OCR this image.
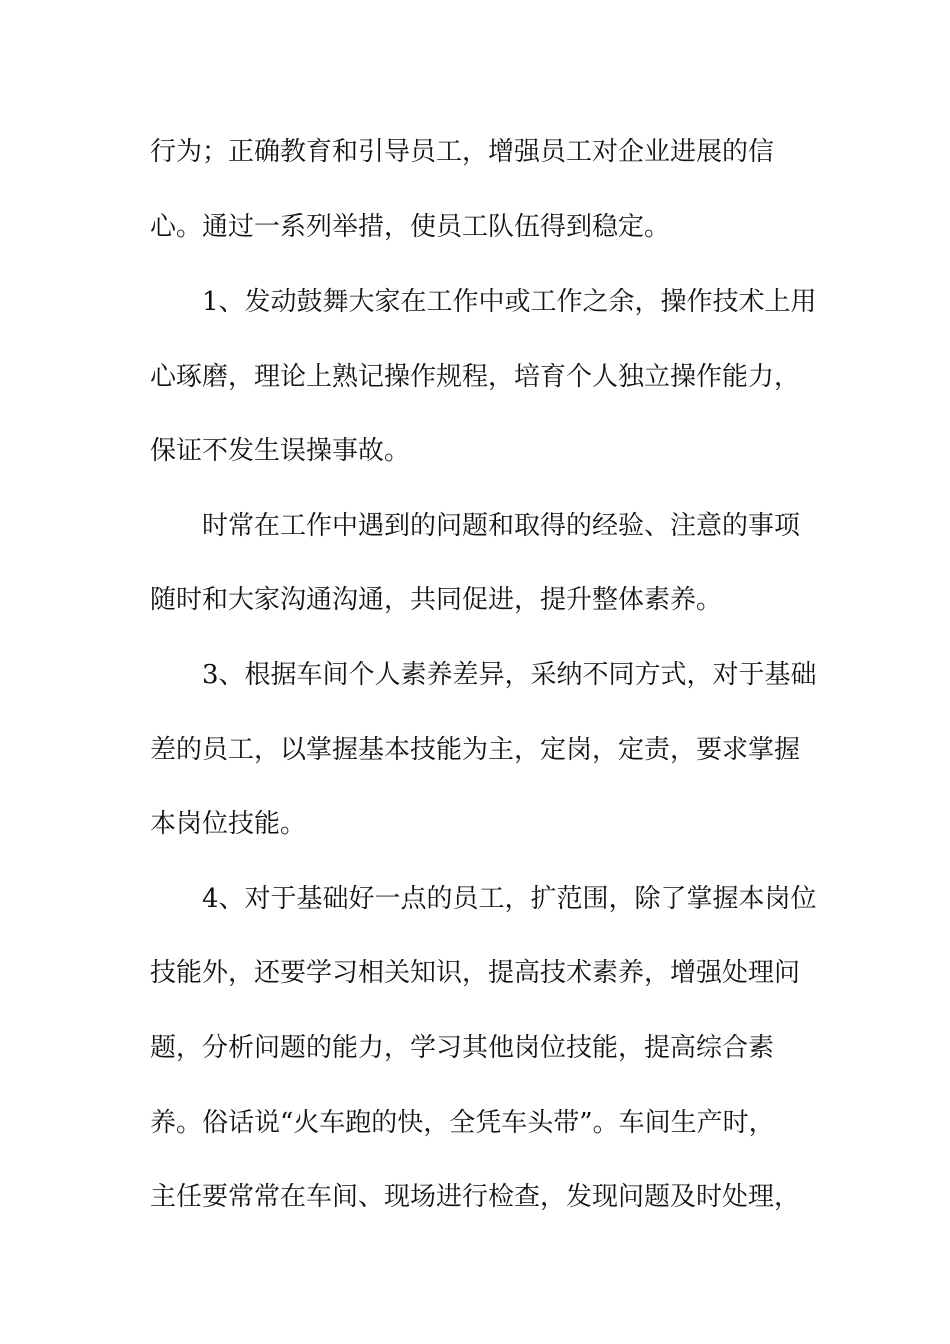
行为；正确教育和引导员工，增强员工对企业进展的信
心。通过一系列举措，使员工队伍得到稳定。
1、发动鼓舞大家在工作中或工作之余，操作技术上用
心琢磨，理论上熟记操作规程，培育个人独立操作能力，
保证不发生误操事故。
时常在工作中遇到的问题和取得的经验、注意的事项
随时和大家沟通沟通，共同促进，提升整体素养。
3、根据车间个人素养差异，采纳不同方式，对于基础
差的员工，以掌握基本技能为主，定岗，定责，要求掌握
本岗位技能。
4、对于基础好一点的员工，扩范围，除了掌握本岗位
技能外，还要学习相关知识，提高技术素养，增强处理问
题，分析问题的能力，学习其他岗位技能，提高综合素
养。俗话说“火车跑的快，全凭车头带”。车间生产时，
主任要常常在车间、现场进行检查，发现问题及时处理，
